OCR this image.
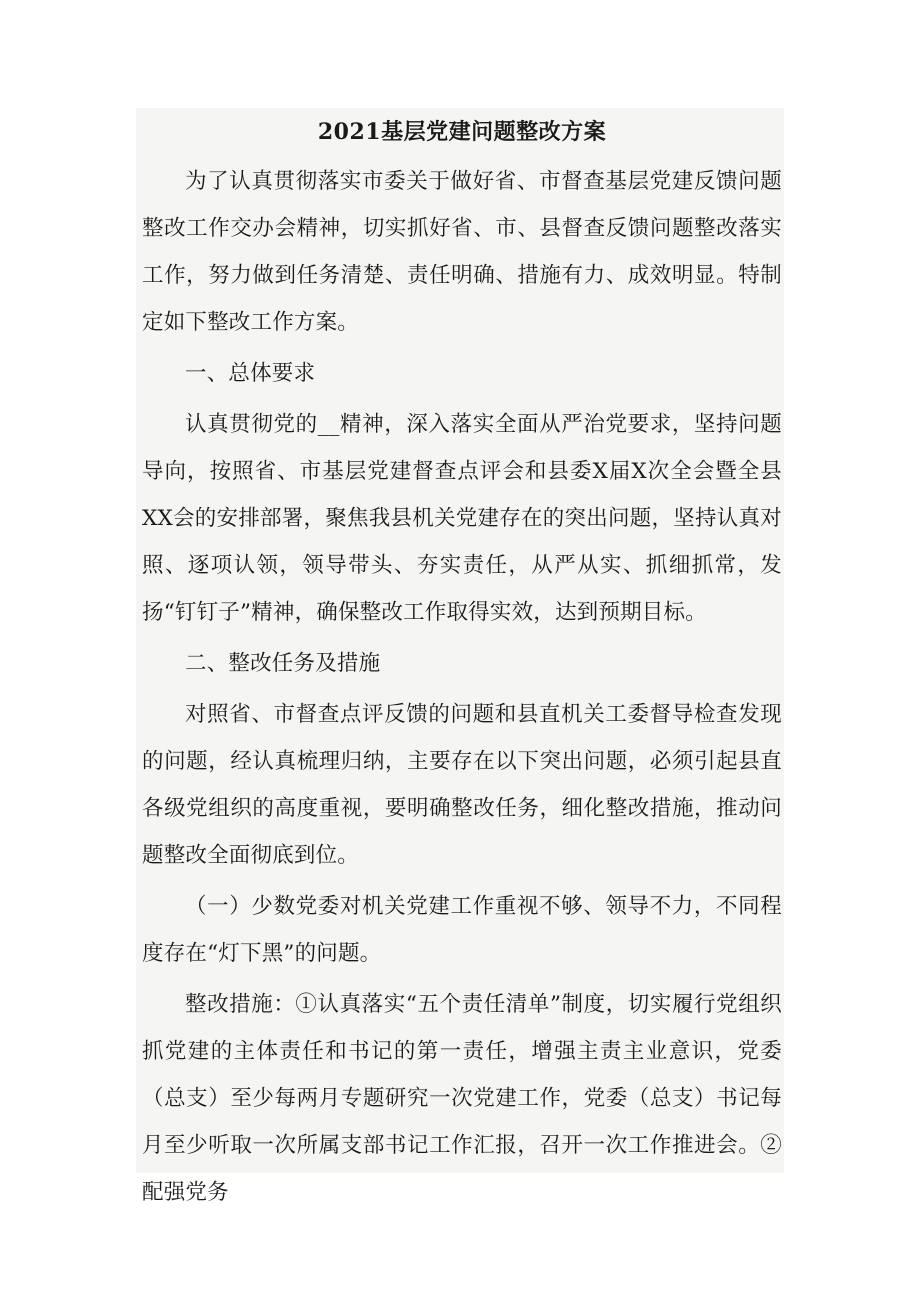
2021基层党建问题整改方案

为了认真贯彻落实市委关于做好省、市督查基层党建反馈问题整改工作交办会精神，切实抓好省、市、县督查反馈问题整改落实工作，努力做到任务清楚、责任明确、措施有力、成效明显。特制定如下整改工作方案。

一、总体要求

认真贯彻党的__精神，深入落实全面从严治党要求，坚持问题导向，按照省、市基层党建督查点评会和县委X届X次全会暨全县XX会的安排部署，聚焦我县机关党建存在的突出问题，坚持认真对照、逐项认领，领导带头、夯实责任，从严从实、抓细抓常，发扬“钉钉子”精神，确保整改工作取得实效，达到预期目标。

二、整改任务及措施

对照省、市督查点评反馈的问题和县直机关工委督导检查发现的问题，经认真梳理归纳，主要存在以下突出问题，必须引起县直各级党组织的高度重视，要明确整改任务，细化整改措施，推动问题整改全面彻底到位。

（一）少数党委对机关党建工作重视不够、领导不力，不同程度存在“灯下黑”的问题。

整改措施：①认真落实“五个责任清单”制度，切实履行党组织抓党建的主体责任和书记的第一责任，增强主责主业意识，党委（总支）至少每两月专题研究一次党建工作，党委（总支）书记每月至少听取一次所属支部书记工作汇报，召开一次工作推进会。②配强党务
